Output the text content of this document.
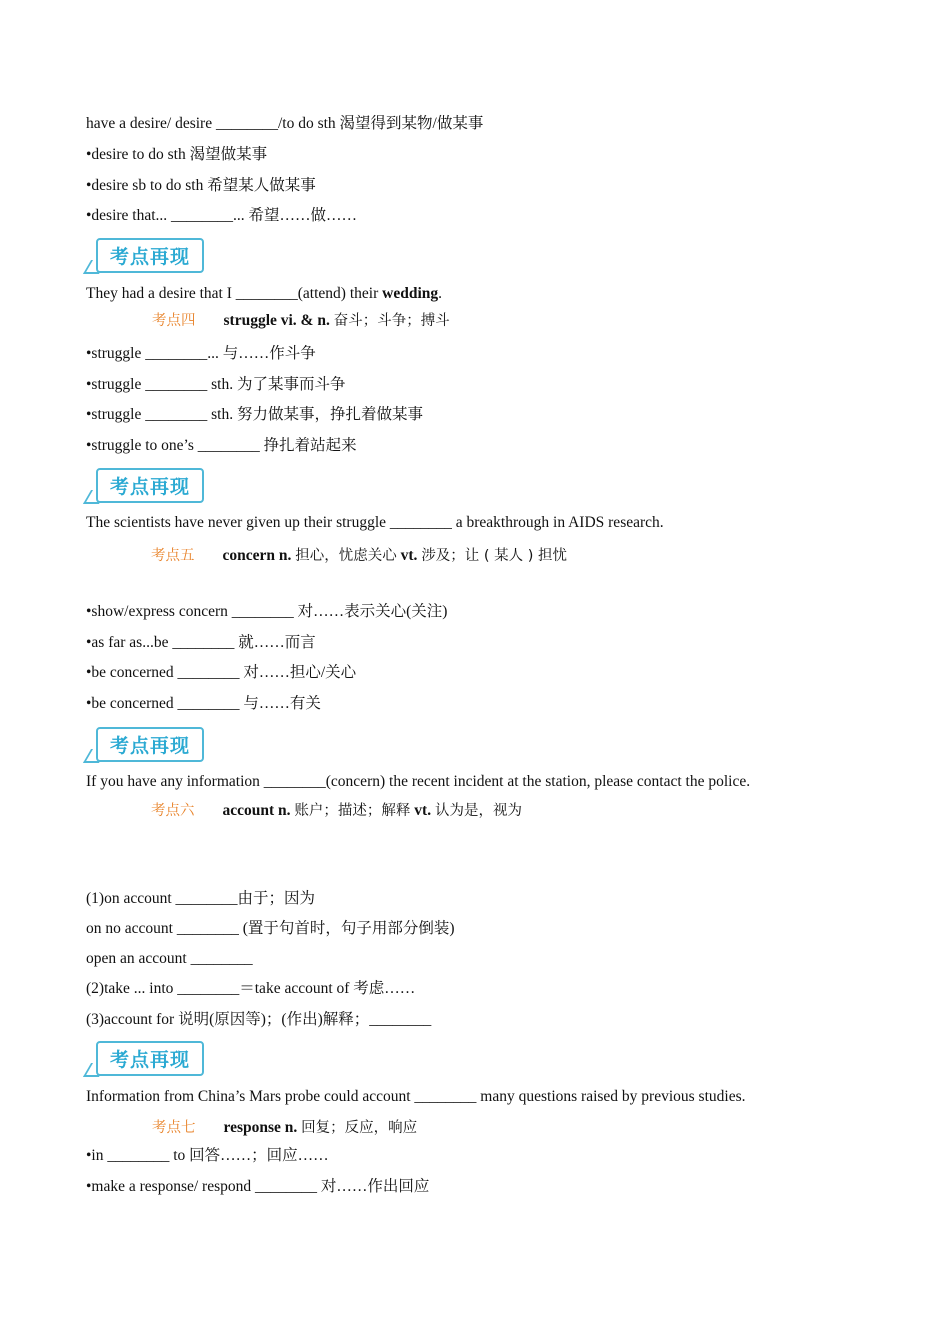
have a desire/ desire ________/to do sth 渴望得到某物/做某事
•desire to do sth 渴望做某事
•desire sb to do sth 希望某人做某事
•desire that... ________... 希望……做……
考点再现
They had a desire that I ________(attend) their wedding.
考点四 struggle vi. & n. 奋斗；斗争；搏斗
•struggle ________... 与……作斗争
•struggle ________ sth. 为了某事而斗争
•struggle ________ sth. 努力做某事，挣扎着做某事
•struggle to one’s ________ 挣扎着站起来
考点再现
The scientists have never given up their struggle ________ a breakthrough in AIDS research.
考点五 concern n. 担心，忧虑关心 vt. 涉及；让 ( 某人 ) 担忧
•show/express concern ________ 对……表示关心(关注)
•as far as...be ________ 就……而言
•be concerned ________ 对……担心/关心
•be concerned ________ 与……有关
考点再现
If you have any information ________(concern) the recent incident at the station, please contact the police.
考点六 account n. 账户；描述；解释 vt. 认为是，视为
(1)on account ________由于；因为
on no account ________ (置于句首时，句子用部分倒装)
open an account ________
(2)take ... into ________＝take account of 考虑……
(3)account for 说明(原因等)；(作出)解释；________
考点再现
Information from China’s Mars probe could account ________ many questions raised by previous studies.
考点七 response n. 回复；反应，响应
•in ________ to 回答……；回应……
•make a response/ respond ________ 对……作出回应
